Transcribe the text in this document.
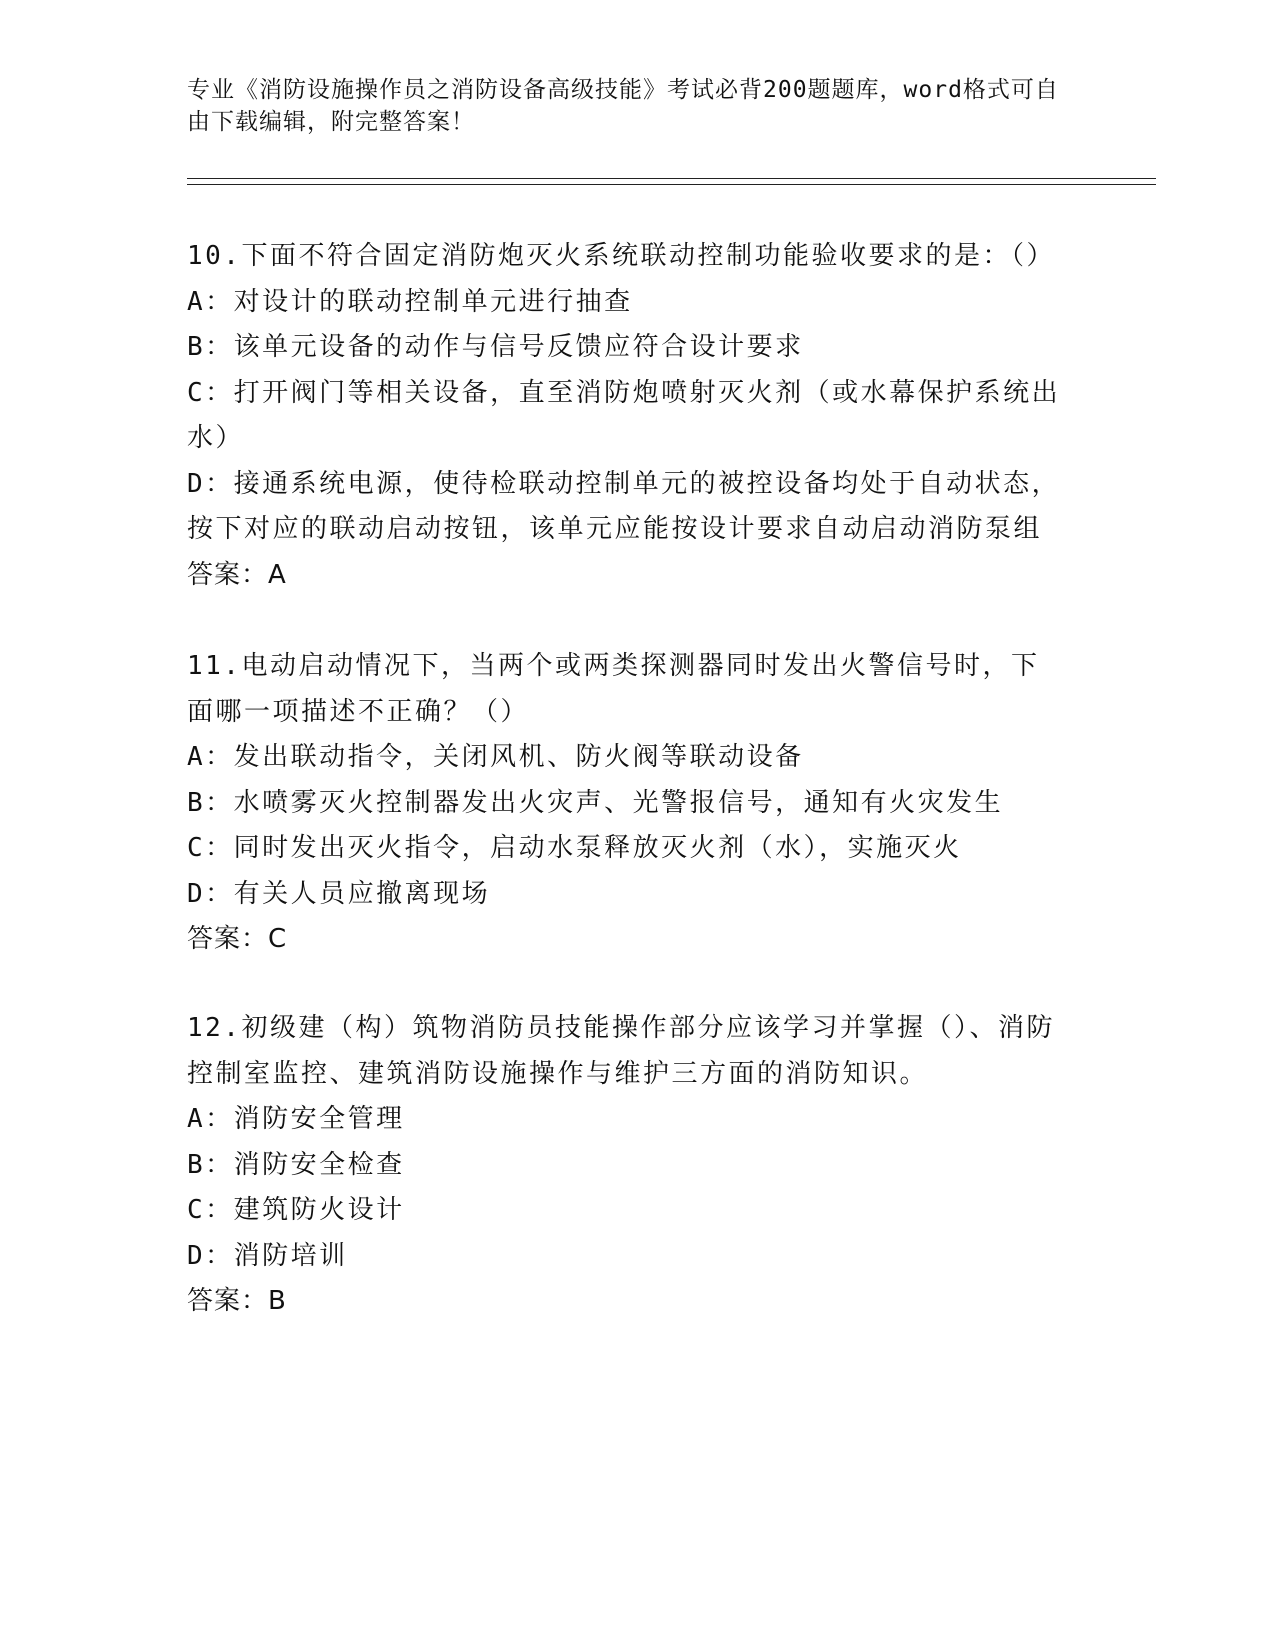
专业《消防设施操作员之消防设备高级技能》考试必背200题题库，word格式可自由下载编辑，附完整答案！
10.下面不符合固定消防炮灭火系统联动控制功能验收要求的是：（）
A：对设计的联动控制单元进行抽查
B：该单元设备的动作与信号反馈应符合设计要求
C：打开阀门等相关设备，直至消防炮喷射灭火剂（或水幕保护系统出水）
D：接通系统电源，使待检联动控制单元的被控设备均处于自动状态，按下对应的联动启动按钮，该单元应能按设计要求自动启动消防泵组
答案：A
11.电动启动情况下，当两个或两类探测器同时发出火警信号时，下面哪一项描述不正确？（）
A：发出联动指令，关闭风机、防火阀等联动设备
B：水喷雾灭火控制器发出火灾声、光警报信号，通知有火灾发生
C：同时发出灭火指令，启动水泵释放灭火剂（水），实施灭火
D：有关人员应撤离现场
答案：C
12.初级建（构）筑物消防员技能操作部分应该学习并掌握（）、消防控制室监控、建筑消防设施操作与维护三方面的消防知识。
A：消防安全管理
B：消防安全检查
C：建筑防火设计
D：消防培训
答案：B
